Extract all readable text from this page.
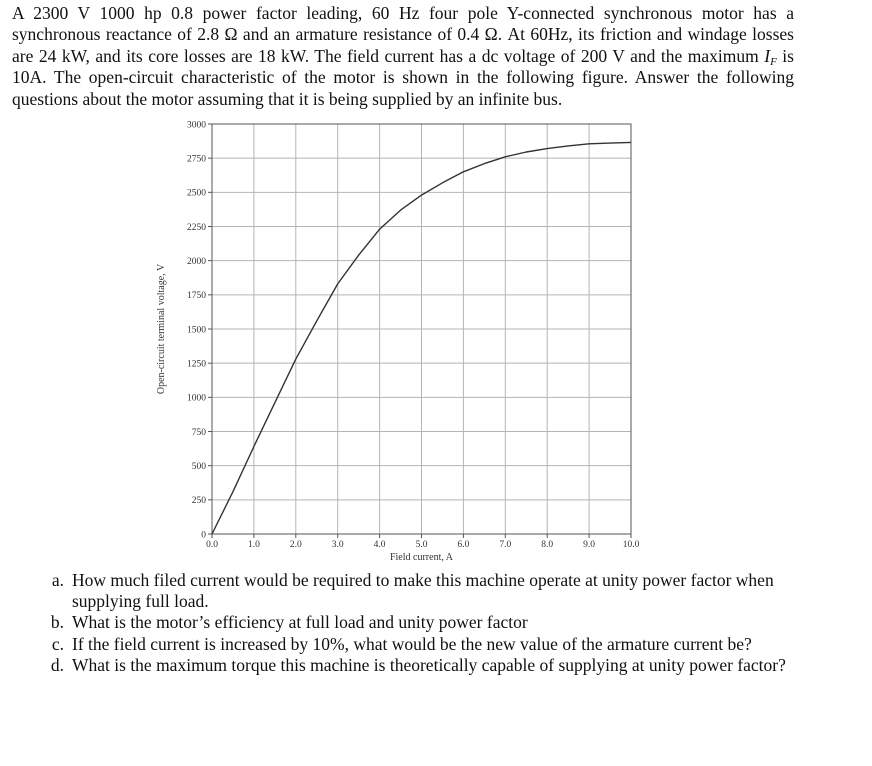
A 2300 V 1000 hp 0.8 power factor leading, 60 Hz four pole Y-connected synchronous motor has a synchronous reactance of 2.8 Ω and an armature resistance of 0.4 Ω. At 60Hz, its friction and windage losses are 24 kW, and its core losses are 18 kW. The field current has a dc voltage of 200 V and the maximum $I_F$ is 10A. The open-circuit characteristic of the motor is shown in the following figure. Answer the following questions about the motor assuming that it is being supplied by an infinite bus.
0.0	1.0	2.0	3.0	4.0	5.0	6.0	7.0	8.0	9.0	10.0
0
250
500
750
1000
1250
1500
1750
2000
2250
2500
2750
3000
Field current, A
Open-circuit terminal voltage, V
a. How much filed current would be required to make this machine operate at unity power factor when supplying full load.
b. What is the motor’s efficiency at full load and unity power factor
c. If the field current is increased by 10%, what would be the new value of the armature current be?
d. What is the maximum torque this machine is theoretically capable of supplying at unity power factor?
